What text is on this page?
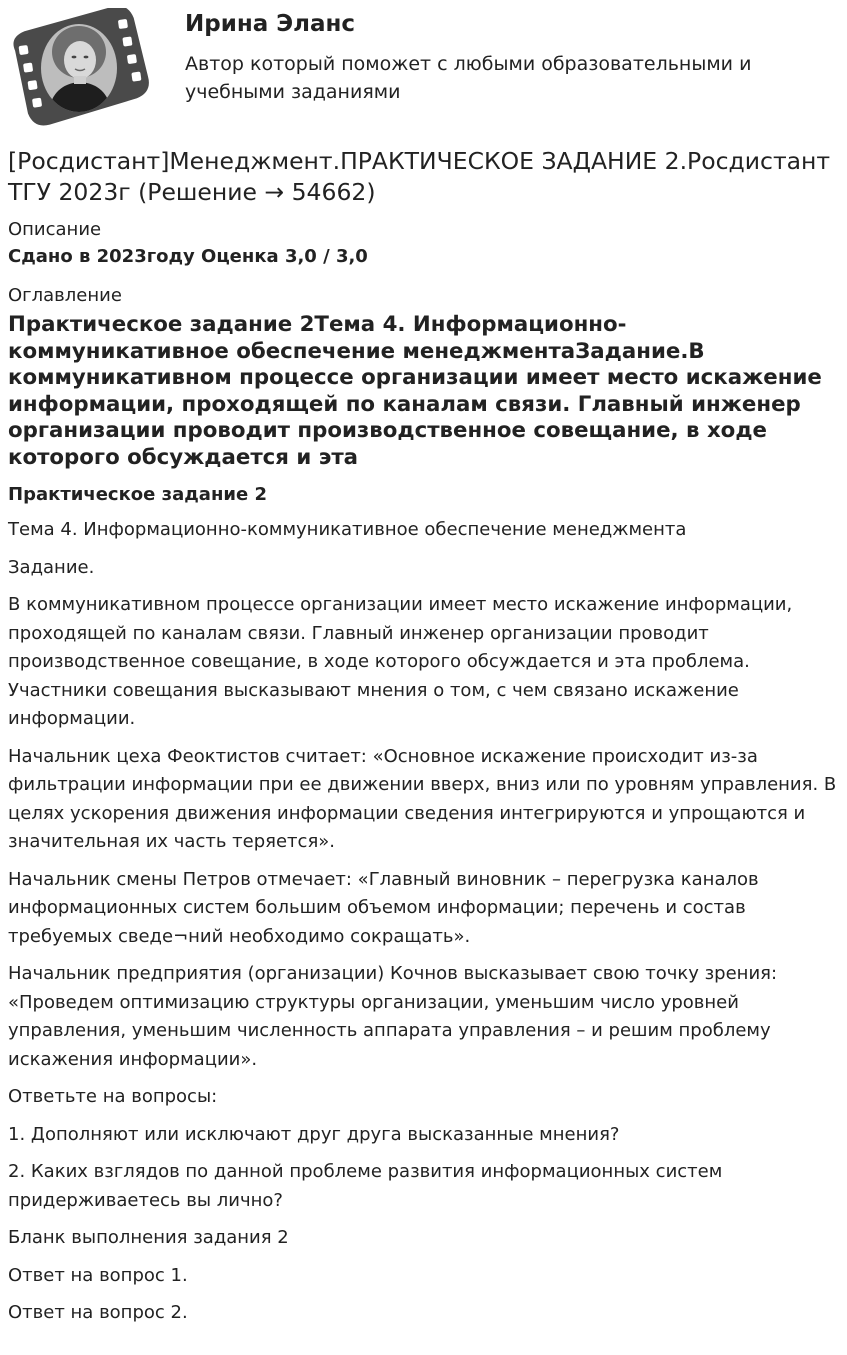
Ирина Эланс
Автор который поможет с любыми образовательными и учебными заданиями
[Росдистант]Менеджмент.ПРАКТИЧЕСКОЕ ЗАДАНИЕ 2.Росдистант ТГУ 2023г (Решение → 54662)
Описание
Сдано в 2023году Оценка 3,0 / 3,0
Оглавление
Практическое задание 2Тема 4. Информационно-коммуникативное обеспечение менеджментаЗадание.В коммуникативном процессе организации имеет место искажение информации, проходящей по каналам связи. Главный инженер организации проводит производственное совещание, в ходе которого обсуждается и эта
Практическое задание 2

Тема 4. Информационно-коммуникативное обеспечение менеджмента

Задание.

В коммуникативном процессе организации имеет место искажение информации, проходящей по каналам связи. Главный инженер организации проводит производственное совещание, в ходе которого обсуждается и эта проблема. Участники совещания высказывают мнения о том, с чем связано искажение информации.

Начальник цеха Феоктистов считает: «Основное искажение происходит из-за фильтрации информации при ее движении вверх, вниз или по уровням управления. В целях ускорения движения информации сведения интегрируются и упрощаются и значительная их часть теряется».

Начальник смены Петров отмечает: «Главный виновник – перегрузка каналов информационных систем большим объемом информации; перечень и состав требуемых сведе¬ний необходимо сокращать».

Начальник предприятия (организации) Кочнов высказывает свою точку зрения: «Проведем оптимизацию структуры организации, уменьшим число уровней управления, уменьшим численность аппарата управления – и решим проблему искажения информации».

Ответьте на вопросы:

1. Дополняют или исключают друг друга высказанные мнения?

2. Каких взглядов по данной проблеме развития информационных систем придерживаетесь вы лично?

Бланк выполнения задания 2

Ответ на вопрос 1.

Ответ на вопрос 2.
